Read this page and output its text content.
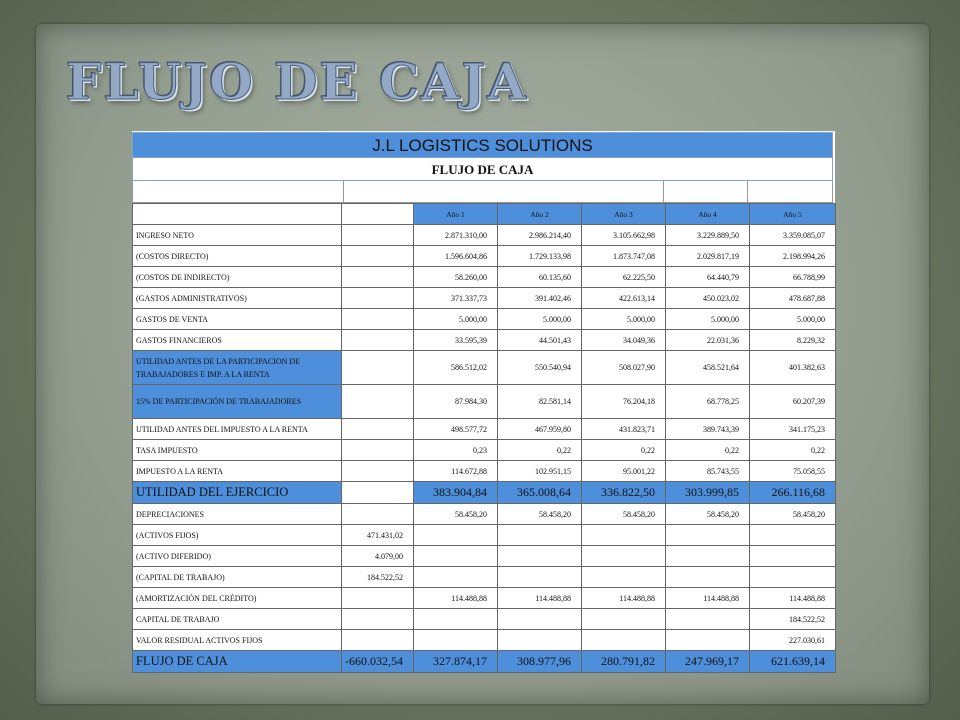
FLUJO DE CAJA
J.L LOGISTICS SOLUTIONS
FLUJO DE CAJA
		Año 1	Año 2	Año 3	Año 4	Año 5
INGRESO NETO		2.871.310,00	2.986.214,40	3.105.662,98	3.229.889,50	3.359.085,07
(COSTOS DIRECTO)		1.596.604,86	1.729.133,98	1.873.747,08	2.029.817,19	2.198.994,26
(COSTOS DE INDIRECTO)		58.260,00	60.135,60	62.225,50	64.440,79	66.788,99
(GASTOS ADMINISTRATIVOS)		371.337,73	391.402,46	422.613,14	450.023,02	478.687,88
GASTOS DE VENTA		5.000,00	5.000,00	5.000,00	5.000,00	5.000,00
GASTOS FINANCIEROS		33.595,39	44.501,43	34.049,36	22.031,36	8.229,32
UTILIDAD ANTES DE LA PARTICIPACION DE TRABAJADORES E IMP. A LA RENTA		586.512,02	550.540,94	508.027,90	458.521,64	401.382,63
15% DE PARTICIPACIÓN DE TRABAJADORES		87.984,30	82.581,14	76.204,18	68.778,25	60.207,39
UTILIDAD ANTES DEL IMPUESTO A LA RENTA		498.577,72	467.959,80	431.823,71	389.743,39	341.175,23
TASA IMPUESTO		0,23	0,22	0,22	0,22	0,22
IMPUESTO A LA RENTA		114.672,88	102.951,15	95.001,22	85.743,55	75.058,55
UTILIDAD DEL EJERCICIO		383.904,84	365.008,64	336.822,50	303.999,85	266.116,68
DEPRECIACIONES		58.458,20	58.458,20	58.458,20	58.458,20	58.458,20
(ACTIVOS FIJOS)	471.431,02					
(ACTIVO DIFERIDO)	4.079,00					
(CAPITAL DE TRABAJO)	184.522,52					
(AMORTIZACIÓN DEL CRÉDITO)		114.488,88	114.488,88	114.488,88	114.488,88	114.488,88
CAPITAL DE TRABAJO						184.522,52
VALOR RESIDUAL ACTIVOS FIJOS						227.030,61
FLUJO DE CAJA	-660.032,54	327.874,17	308.977,96	280.791,82	247.969,17	621.639,14
